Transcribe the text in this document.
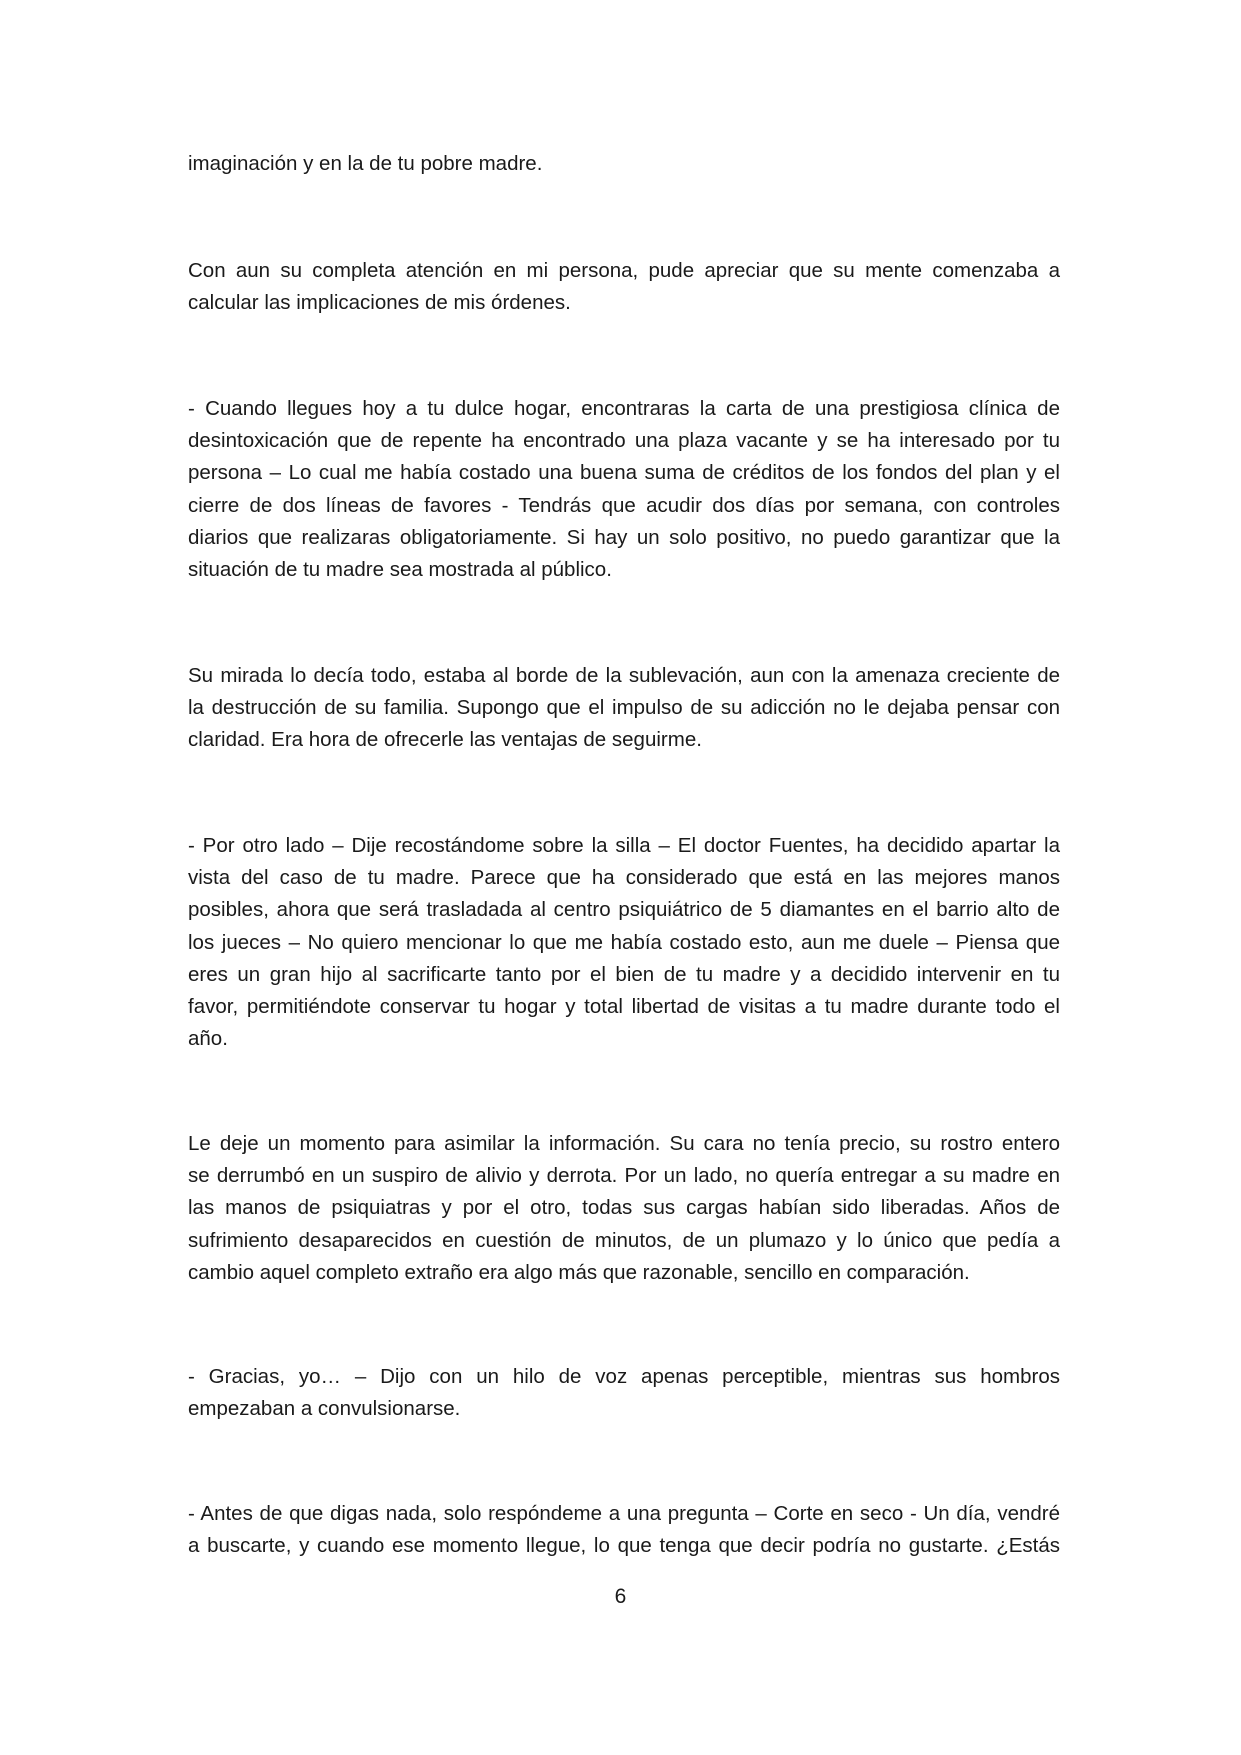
imaginación y en la de tu pobre madre.

Con aun su completa atención en mi persona, pude apreciar que su mente comenzaba a
calcular las implicaciones de mis órdenes.

- Cuando llegues hoy a tu dulce hogar, encontraras la carta de una prestigiosa clínica de
desintoxicación que de repente ha encontrado una plaza vacante y se ha interesado por tu
persona – Lo cual me había costado una buena suma de créditos de los fondos del plan y el
cierre de dos líneas de favores - Tendrás que acudir dos días por semana, con controles
diarios que realizaras obligatoriamente. Si hay un solo positivo, no puedo garantizar que la
situación de tu madre sea mostrada al público.

Su mirada lo decía todo, estaba al borde de la sublevación, aun con la amenaza creciente de
la destrucción de su familia. Supongo que el impulso de su adicción no le dejaba pensar con
claridad. Era hora de ofrecerle las ventajas de seguirme.

- Por otro lado – Dije recostándome sobre la silla – El doctor Fuentes, ha decidido apartar la
vista del caso de tu madre. Parece que ha considerado que está en las mejores manos
posibles, ahora que será trasladada al centro psiquiátrico de 5 diamantes en el barrio alto de
los jueces – No quiero mencionar lo que me había costado esto, aun me duele – Piensa que
eres un gran hijo al sacrificarte tanto por el bien de tu madre y a decidido intervenir en tu
favor, permitiéndote conservar tu hogar y total libertad de visitas a tu madre durante todo el
año.

Le deje un momento para asimilar la información. Su cara no tenía precio, su rostro entero
se derrumbó en un suspiro de alivio y derrota. Por un lado, no quería entregar a su madre en
las manos de psiquiatras y por el otro, todas sus cargas habían sido liberadas. Años de
sufrimiento desaparecidos en cuestión de minutos, de un plumazo y lo único que pedía a
cambio aquel completo extraño era algo más que razonable, sencillo en comparación.

- Gracias, yo… – Dijo con un hilo de voz apenas perceptible, mientras sus hombros
empezaban a convulsionarse.

- Antes de que digas nada, solo respóndeme a una pregunta – Corte en seco - Un día, vendré
a buscarte, y cuando ese momento llegue, lo que tenga que decir podría no gustarte. ¿Estás

6
